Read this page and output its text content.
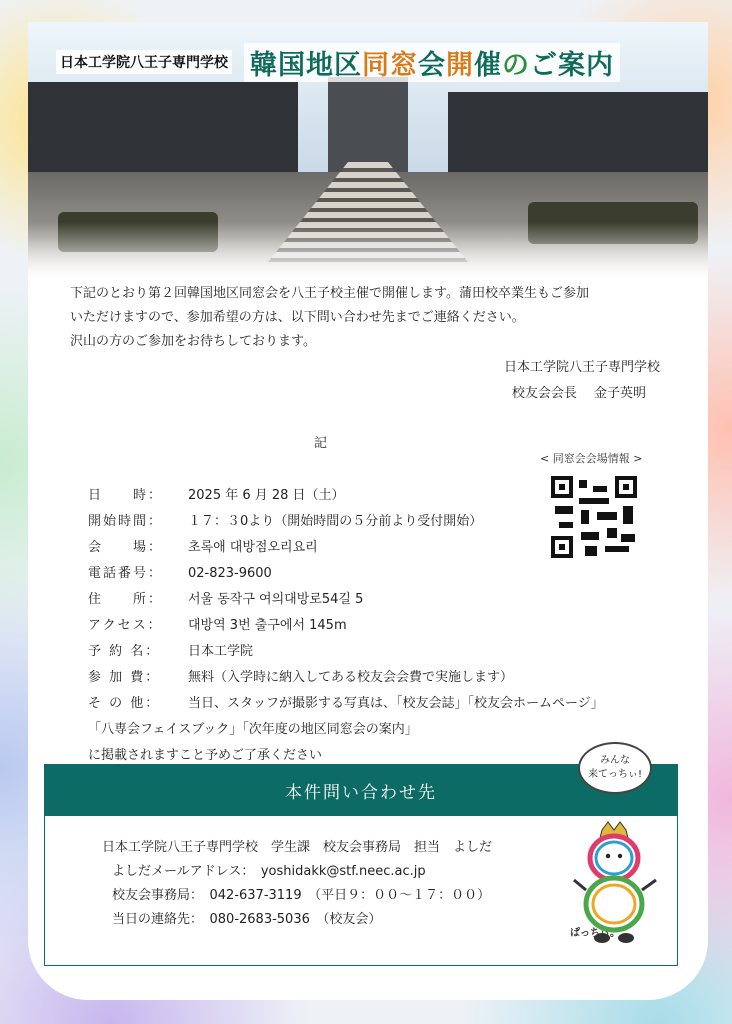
日本工学院八王子専門学校 韓国地区同窓会開催のご案内
下記のとおり第２回韓国地区同窓会を八王子校主催で開催します。蒲田校卒業生もご参加
いただけますので、参加希望の方は、以下問い合わせ先までご連絡ください。
沢山の方のご参加をお待ちしております。
日本工学院八王子専門学校
校友会会長　 金子英明
記
< 同窓会会場情報 >
日　　時：	2025 年 6 月 28 日（土）
開始時間：	１７：３0より（開始時間の５分前より受付開始）
会　　場：	초록애 대방점오리요리
電話番号：	02-823-9600
住　　所：	서울 동작구 여의대방로54길 5
アクセス：	대방역 3번 출구에서 145m
予 約 名：	日本工学院
参 加 費：	無料（入学時に納入してある校友会会費で実施します）
そ の 他：	当日、スタッフが撮影する写真は、「校友会誌」「校友会ホームページ」
「八専会フェイスブック」「次年度の地区同窓会の案内」
に掲載されますこと予めご了承ください
本件問い合わせ先
日本工学院八王子専門学校　学生課　校友会事務局　担当　よしだ
よしだメールアドレス：　yoshidakk@stf.neec.ac.jp
校友会事務局：　042-637-3119　（平日９：００～１７：００）
当日の連絡先：　080-2683-5036　（校友会）
みんな
来てっちぃ!
ぱっちぃ。
✦
